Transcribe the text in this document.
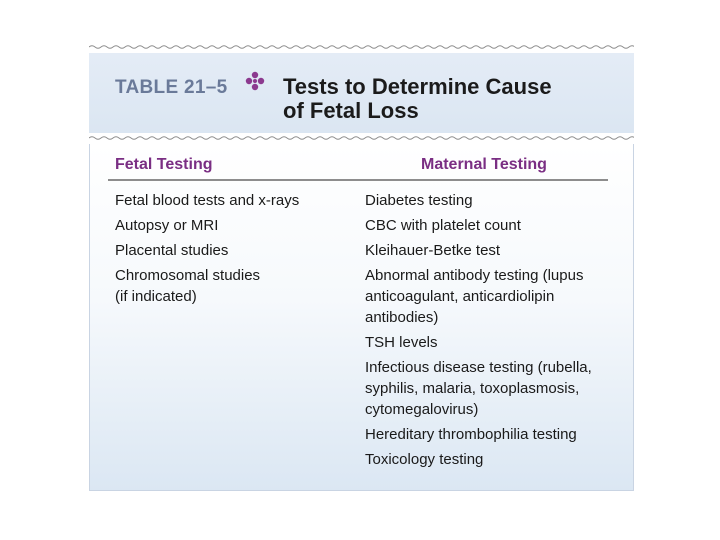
TABLE 21–5	Tests to Determine Cause
of Fetal Loss
Fetal Testing	Maternal Testing
Fetal blood tests and x-rays
Autopsy or MRI
Placental studies
Chromosomal studies
(if indicated)
Diabetes testing
CBC with platelet count
Kleihauer-Betke test
Abnormal antibody testing (lupus
anticoagulant, anticardiolipin
antibodies)
TSH levels
Infectious disease testing (rubella,
syphilis, malaria, toxoplasmosis,
cytomegalovirus)
Hereditary thrombophilia testing
Toxicology testing
